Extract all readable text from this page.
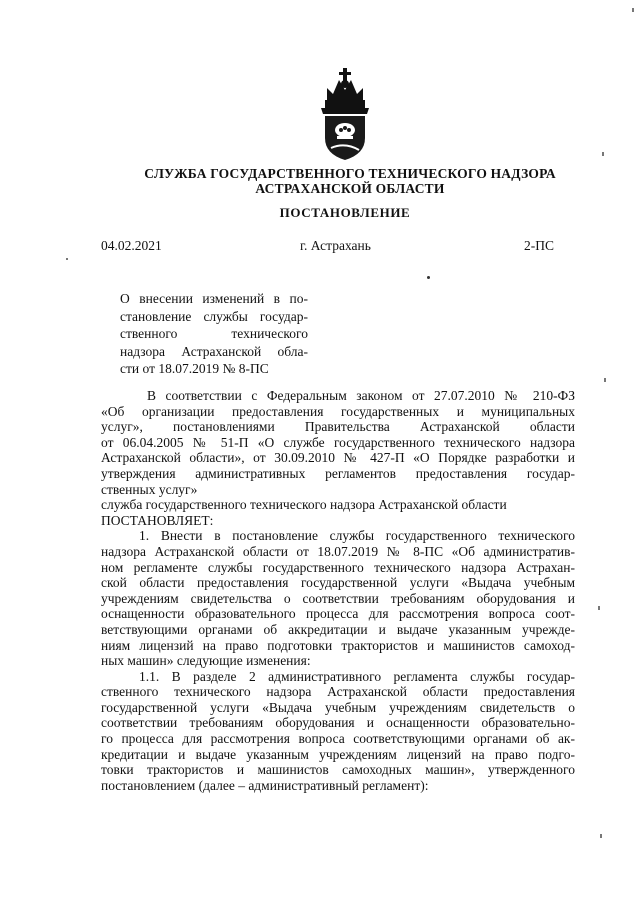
СЛУЖБА ГОСУДАРСТВЕННОГО ТЕХНИЧЕСКОГО НАДЗОРА
АСТРАХАНСКОЙ ОБЛАСТИ
ПОСТАНОВЛЕНИЕ
04.02.2021	г. Астрахань	2-ПС
О внесении изменений в по-
становление службы государ-
ственного технического
надзора Астраханской обла-
сти от 18.07.2019 № 8-ПС
В соответствии с Федеральным законом от 27.07.2010 № 210-ФЗ
«Об организации предоставления государственных и муниципальных
услуг», постановлениями Правительства Астраханской области
от 06.04.2005 № 51-П «О службе государственного технического надзора
Астраханской области», от 30.09.2010 № 427-П «О Порядке разработки и
утверждения административных регламентов предоставления государ-
ственных услуг»
служба государственного технического надзора Астраханской области
ПОСТАНОВЛЯЕТ:
1. Внести в постановление службы государственного технического
надзора Астраханской области от 18.07.2019 № 8-ПС «Об административ-
ном регламенте службы государственного технического надзора Астрахан-
ской области предоставления государственной услуги «Выдача учебным
учреждениям свидетельства о соответствии требованиям оборудования и
оснащенности образовательного процесса для рассмотрения вопроса соот-
ветствующими органами об аккредитации и выдаче указанным учрежде-
ниям лицензий на право подготовки трактористов и машинистов самоход-
ных машин» следующие изменения:
1.1. В разделе 2 административного регламента службы государ-
ственного технического надзора Астраханской области предоставления
государственной услуги «Выдача учебным учреждениям свидетельств о
соответствии требованиям оборудования и оснащенности образовательно-
го процесса для рассмотрения вопроса соответствующими органами об ак-
кредитации и выдаче указанным учреждениям лицензий на право подго-
товки трактористов и машинистов самоходных машин», утвержденного
постановлением (далее – административный регламент):
